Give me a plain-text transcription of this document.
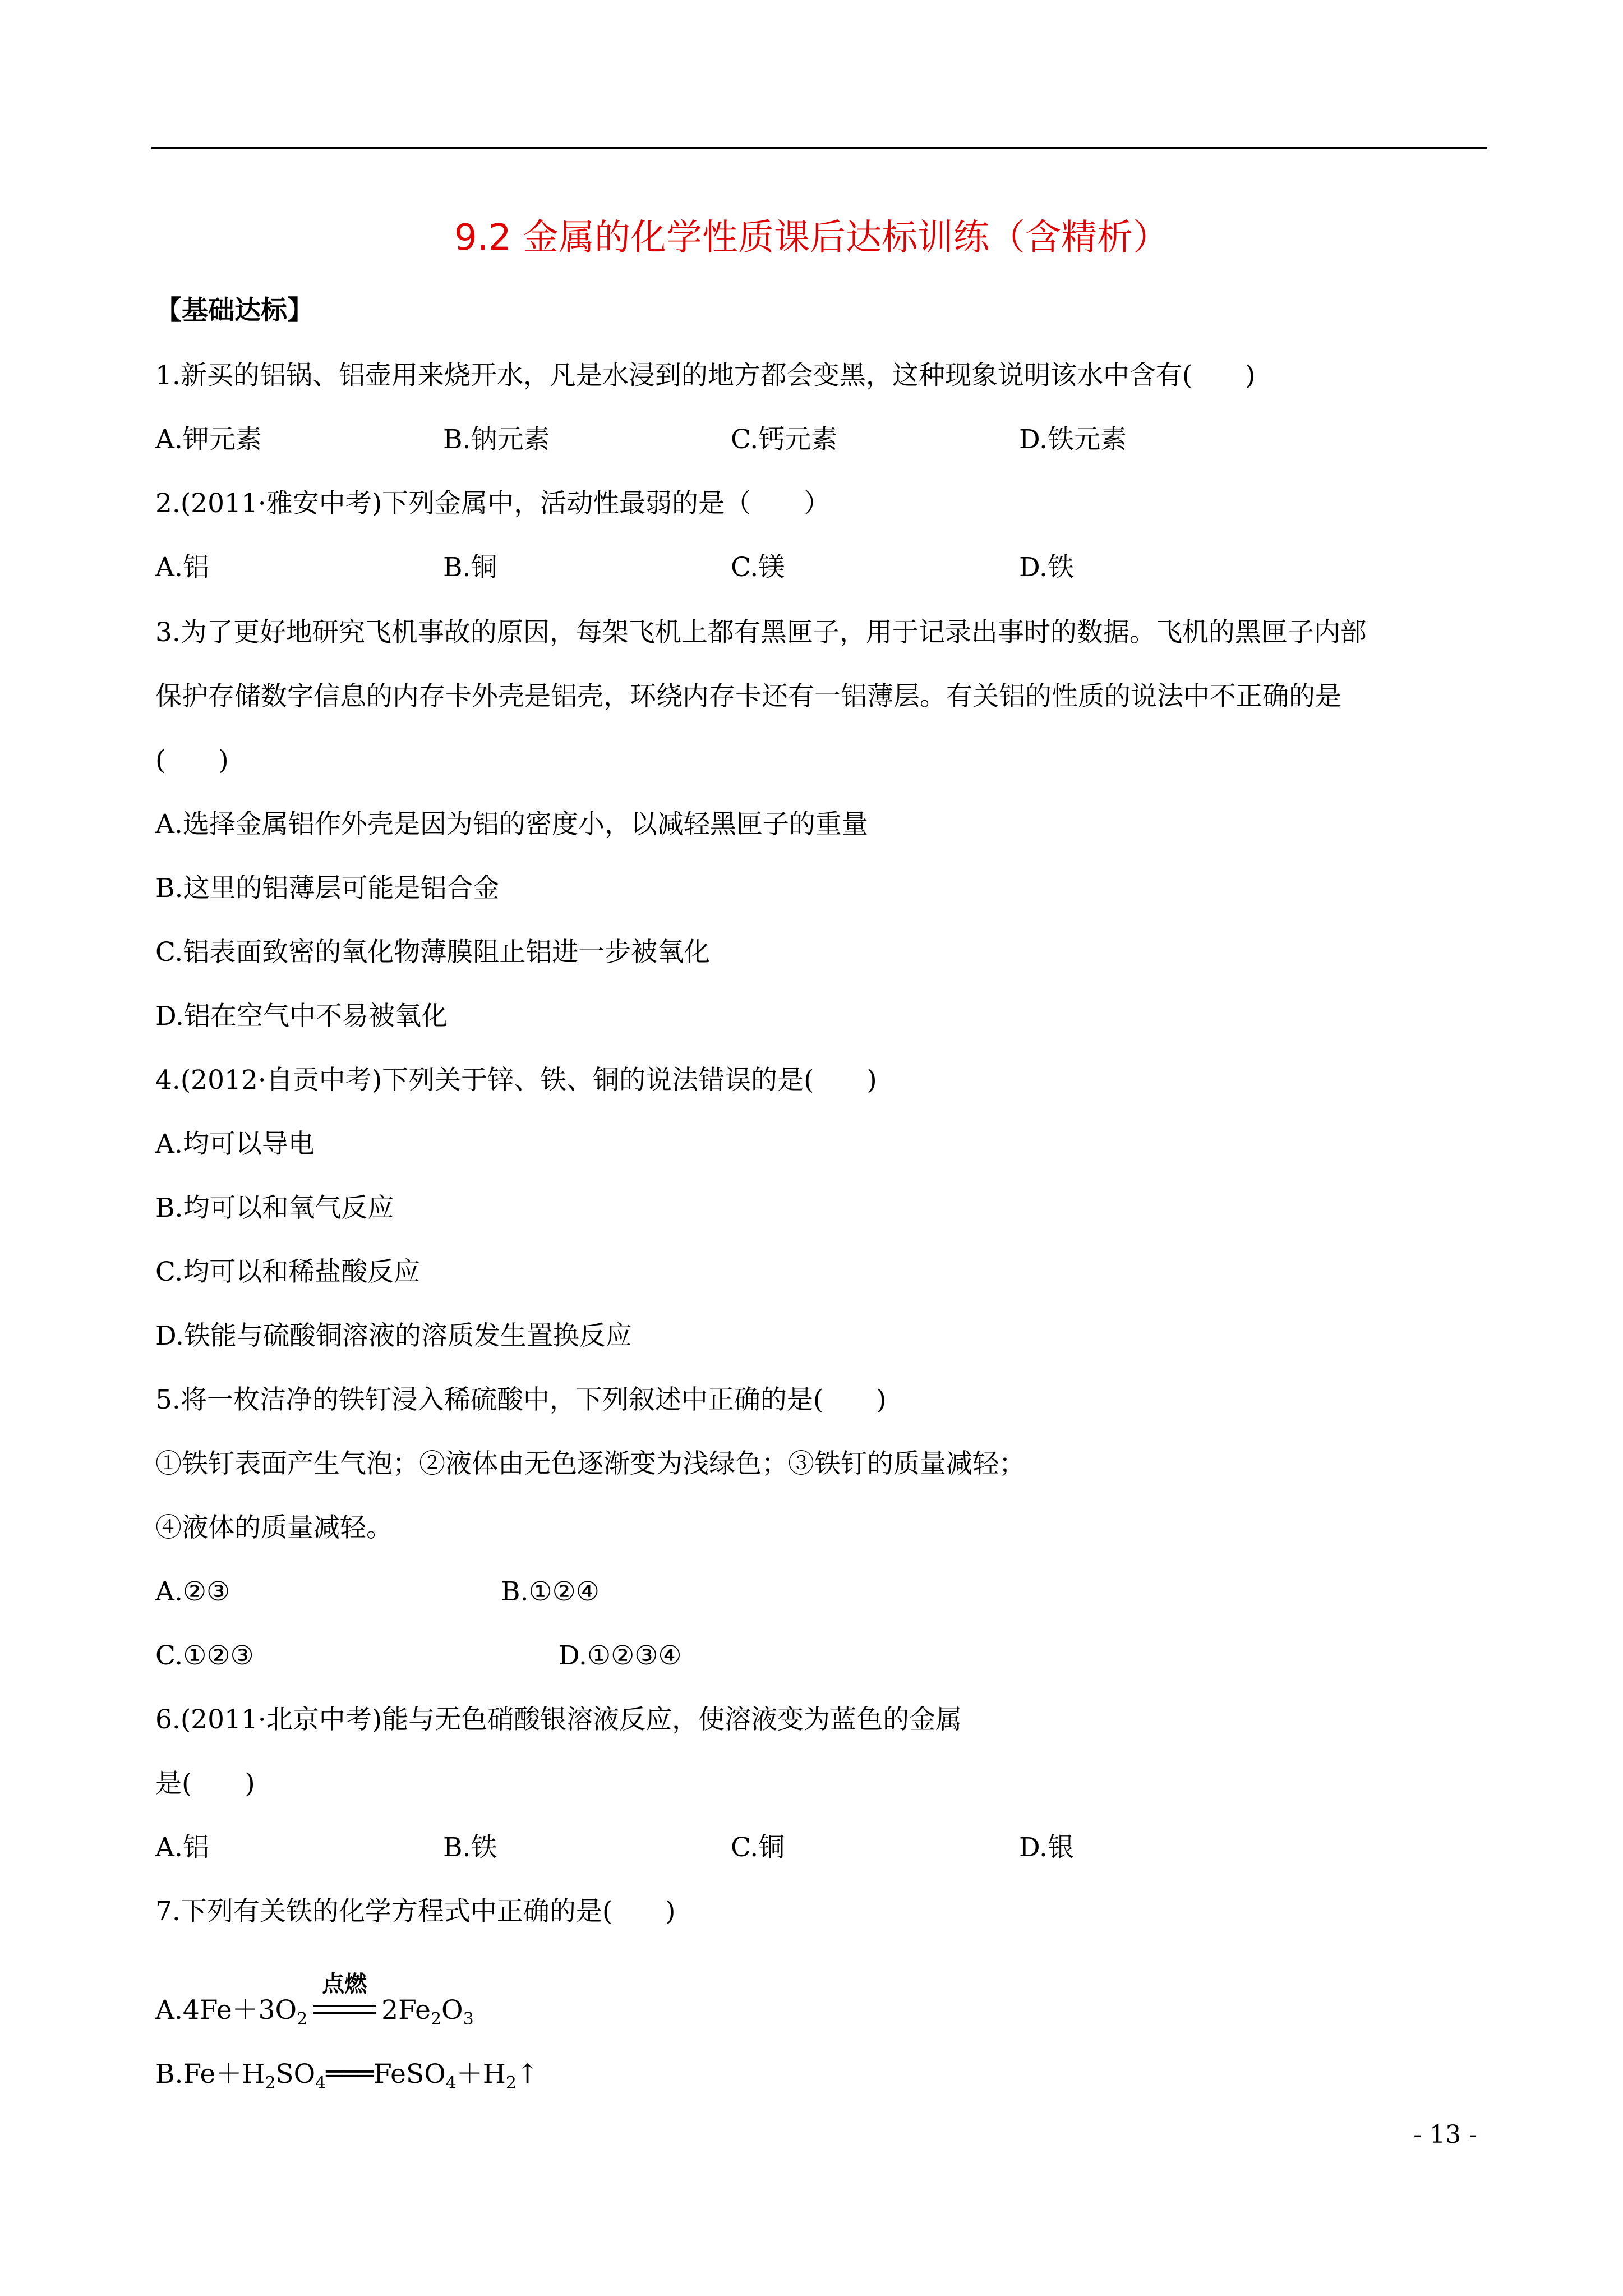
9.2 金属的化学性质课后达标训练（含精析）
【基础达标】
1.新买的铝锅、铝壶用来烧开水，凡是水浸到的地方都会变黑，这种现象说明该水中含有(　　)
A.钾元素	B.钠元素	C.钙元素	D.铁元素
2.(2011·雅安中考)下列金属中，活动性最弱的是（　　）
A.铝	B.铜	C.镁	D.铁
3.为了更好地研究飞机事故的原因，每架飞机上都有黑匣子，用于记录出事时的数据。飞机的黑匣子内部
保护存储数字信息的内存卡外壳是铝壳，环绕内存卡还有一铝薄层。有关铝的性质的说法中不正确的是
(　　)
A.选择金属铝作外壳是因为铝的密度小，以减轻黑匣子的重量
B.这里的铝薄层可能是铝合金
C.铝表面致密的氧化物薄膜阻止铝进一步被氧化
D.铝在空气中不易被氧化
4.(2012·自贡中考)下列关于锌、铁、铜的说法错误的是(　　)
A.均可以导电
B.均可以和氧气反应
C.均可以和稀盐酸反应
D.铁能与硫酸铜溶液的溶质发生置换反应
5.将一枚洁净的铁钉浸入稀硫酸中，下列叙述中正确的是(　　)
①铁钉表面产生气泡；②液体由无色逐渐变为浅绿色；③铁钉的质量减轻；
④液体的质量减轻。
A.②③	B.①②④
C.①②③	D.①②③④
6.(2011·北京中考)能与无色硝酸银溶液反应，使溶液变为蓝色的金属
是(　　)
A.铝	B.铁	C.铜	D.银
7.下列有关铁的化学方程式中正确的是(　　)
$A.4Fe+3O_2$
点燃
$2Fe_2O_3$
$B.Fe+H_2SO_4═══FeSO_4+H_2↑$
- 13 -
